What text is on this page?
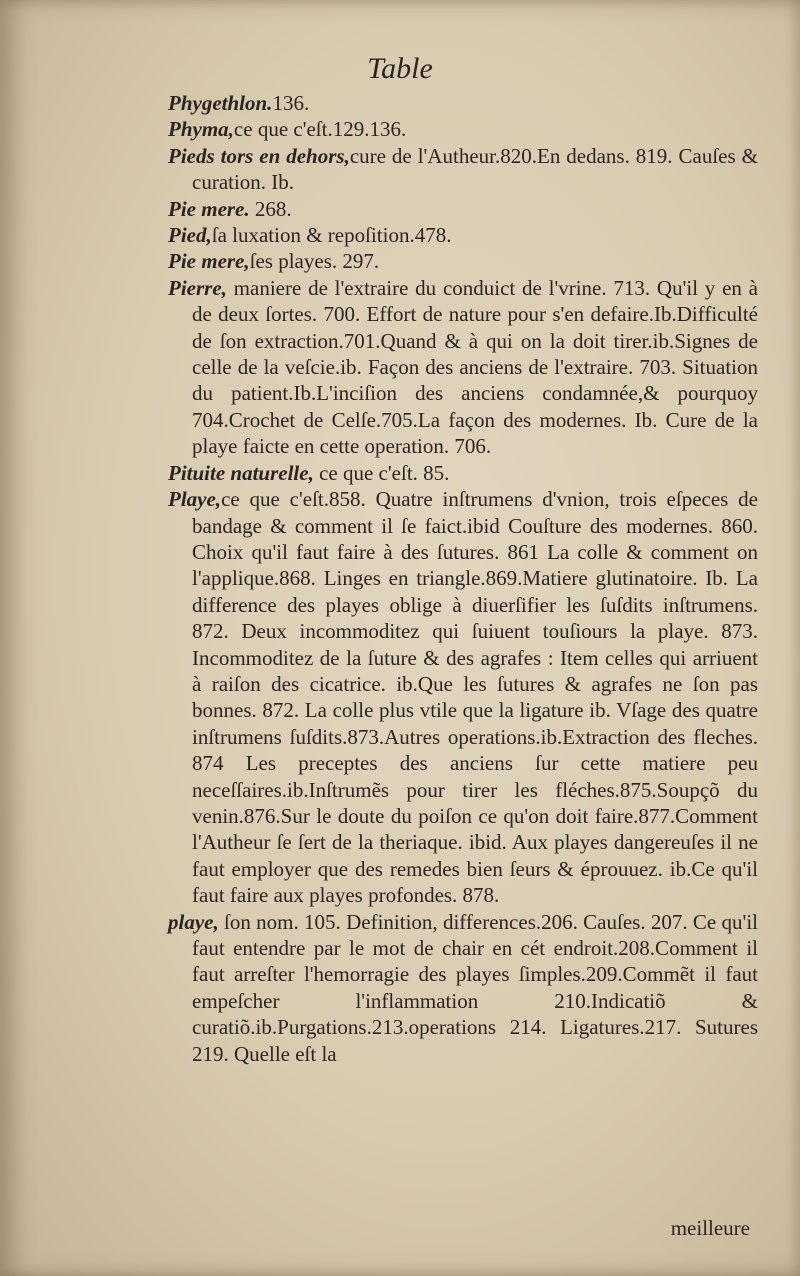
Table
Phygethlon.136.
Phyma,ce que c'eſt.129.136.
Pieds tors en dehors,cure de l'Autheur.820.En dedans. 819. Cauſes & curation. Ib.
Pie mere. 268.
Pied,ſa luxation & repoſition.478.
Pie mere,ſes playes. 297.
Pierre, maniere de l'extraire du conduict de l'vrine. 713. Qu'il y en à de deux ſortes. 700. Effort de nature pour s'en defaire.Ib.Difficulté de ſon extraction.701.Quand & à qui on la doit tirer.ib.Signes de celle de la veſcie.ib. Façon des anciens de l'extraire. 703. Situation du patient.Ib.L'inciſion des anciens condamnée,& pourquoy 704.Crochet de Celſe.705.La façon des modernes. Ib. Cure de la playe faicte en cette operation. 706.
Pituite naturelle, ce que c'eſt. 85.
Playe,ce que c'eſt.858. Quatre inſtrumens d'vnion, trois eſpeces de bandage & comment il ſe faict.ibid Couſture des modernes. 860. Choix qu'il faut faire à des ſutures. 861 La colle & comment on l'applique.868. Linges en triangle.869.Matiere glutinatoire. Ib. La difference des playes oblige à diuerſifier les ſuſdits inſtrumens. 872. Deux incommoditez qui ſuiuent touſiours la playe. 873. Incommoditez de la ſuture & des agrafes : Item celles qui arriuent à raiſon des cicatrice. ib.Que les ſutures & agrafes ne ſon pas bonnes. 872. La colle plus vtile que la ligature ib. Vſage des quatre inſtrumens ſuſdits.873.Autres operations.ib.Extraction des fleches. 874 Les preceptes des anciens ſur cette matiere peu neceſſaires.ib.Inſtrumẽs pour tirer les fléches.875.Soupçõ du venin.876.Sur le doute du poiſon ce qu'on doit faire.877.Comment l'Autheur ſe ſert de la theriaque. ibid. Aux playes dangereuſes il ne faut employer que des remedes bien ſeurs & éprouuez. ib.Ce qu'il faut faire aux playes profondes. 878.
playe, ſon nom. 105. Definition, differences.206. Cauſes. 207. Ce qu'il faut entendre par le mot de chair en cét endroit.208.Comment il faut arreſter l'hemorragie des playes ſimples.209.Commẽt il faut empeſcher l'inflammation 210.Indicatiõ & curatiõ.ib.Purgations.213.operations 214. Ligatures.217. Sutures 219. Quelle eſt la
meilleure
